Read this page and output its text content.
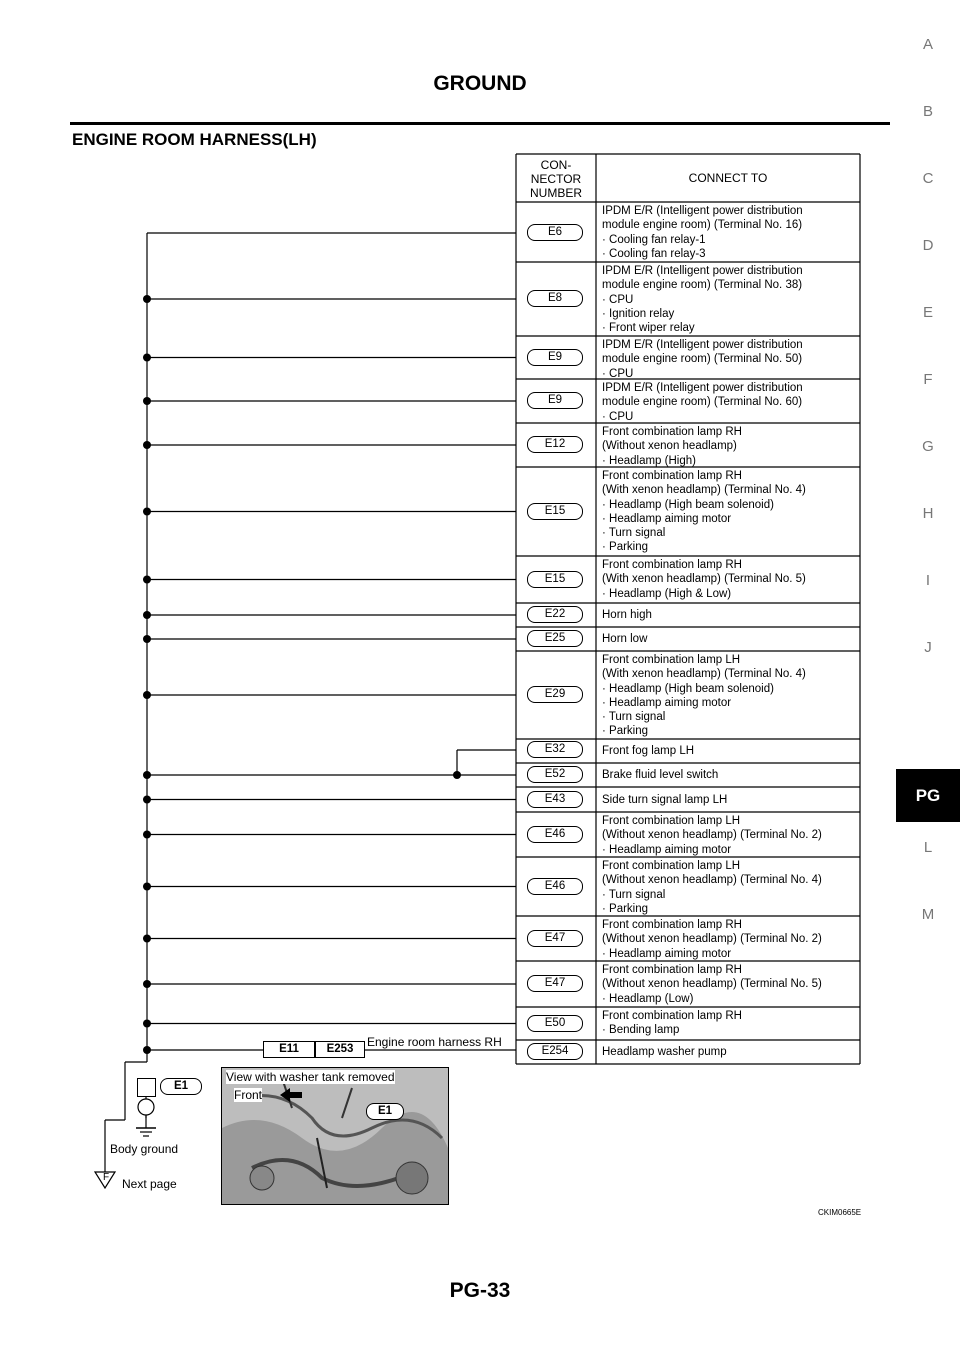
GROUND
ENGINE ROOM HARNESS(LH)
A
B
C
D
E
F
G
H
I
J
PG
L
M
CON-
NECTOR
NUMBER
CONNECT TO
E6
IPDM E/R (Intelligent power distribution
module engine room) (Terminal No. 16)
· Cooling fan relay-1
· Cooling fan relay-3
E8
IPDM E/R (Intelligent power distribution
module engine room) (Terminal No. 38)
· CPU
· Ignition relay
· Front wiper relay
E9
IPDM E/R (Intelligent power distribution
module engine room) (Terminal No. 50)
· CPU
E9
IPDM E/R (Intelligent power distribution
module engine room) (Terminal No. 60)
· CPU
E12
Front combination lamp RH
(Without xenon headlamp)
· Headlamp (High)
E15
Front combination lamp RH
(With xenon headlamp) (Terminal No. 4)
· Headlamp (High beam solenoid)
· Headlamp aiming motor
· Turn signal
· Parking
E15
Front combination lamp RH
(With xenon headlamp) (Terminal No. 5)
· Headlamp (High & Low)
E22	Horn high
E25	Horn low
E29
Front combination lamp LH
(With xenon headlamp) (Terminal No. 4)
· Headlamp (High beam solenoid)
· Headlamp aiming motor
· Turn signal
· Parking
E32	Front fog lamp LH
E52	Brake fluid level switch
E43	Side turn signal lamp LH
E46
Front combination lamp LH
(Without xenon headlamp) (Terminal No. 2)
· Headlamp aiming motor
E46
Front combination lamp LH
(Without xenon headlamp) (Terminal No. 4)
· Turn signal
· Parking
E47
Front combination lamp RH
(Without xenon headlamp) (Terminal No. 2)
· Headlamp aiming motor
E47
Front combination lamp RH
(Without xenon headlamp) (Terminal No. 5)
· Headlamp (Low)
E50
Front combination lamp RH
· Bending lamp
E254	Headlamp washer pump
E11	E253	Engine room harness RH
E1
Body ground
F Next page
View with washer tank removed
Front
E1
CKIM0665E
PG-33
